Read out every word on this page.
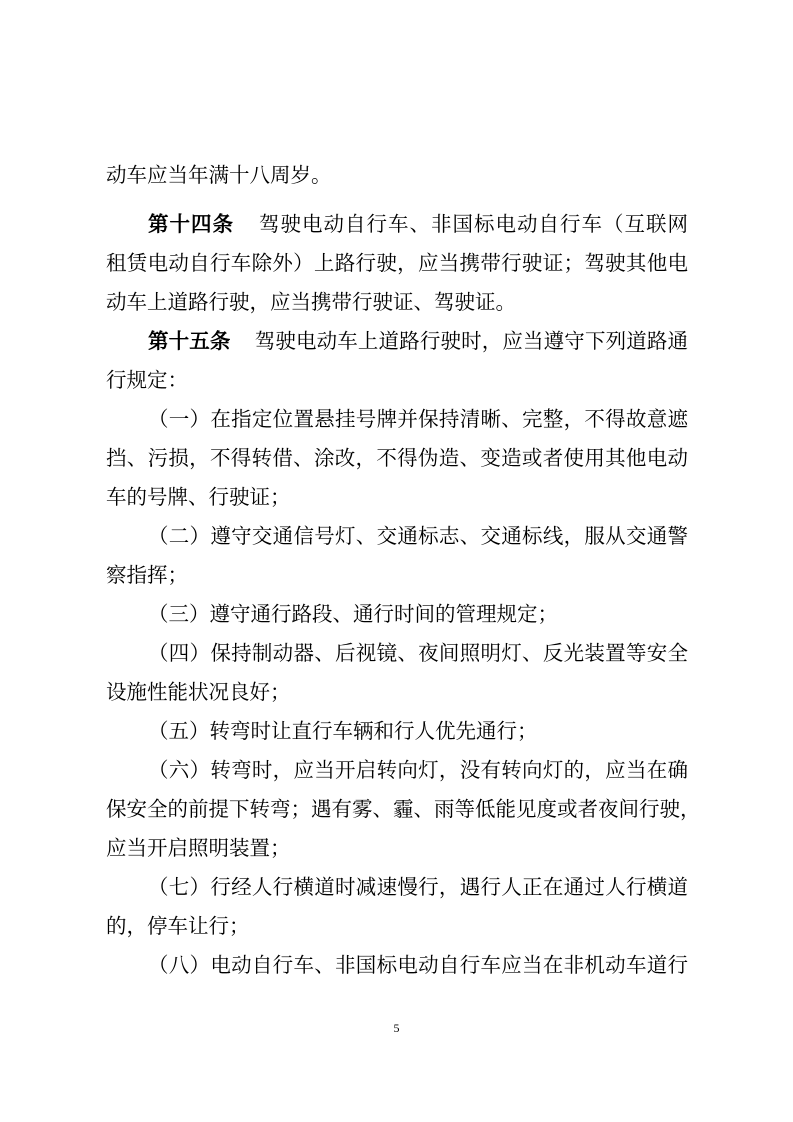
动车应当年满十八周岁。
第十四条 驾驶电动自行车、非国标电动自行车（互联网
租赁电动自行车除外）上路行驶，应当携带行驶证；驾驶其他电
动车上道路行驶，应当携带行驶证、驾驶证。
第十五条 驾驶电动车上道路行驶时，应当遵守下列道路通
行规定：
（一）在指定位置悬挂号牌并保持清晰、完整，不得故意遮
挡、污损，不得转借、涂改，不得伪造、变造或者使用其他电动
车的号牌、行驶证；
（二）遵守交通信号灯、交通标志、交通标线，服从交通警
察指挥；
（三）遵守通行路段、通行时间的管理规定；
（四）保持制动器、后视镜、夜间照明灯、反光装置等安全
设施性能状况良好；
（五）转弯时让直行车辆和行人优先通行；
（六）转弯时，应当开启转向灯，没有转向灯的，应当在确
保安全的前提下转弯；遇有雾、霾、雨等低能见度或者夜间行驶，
应当开启照明装置；
（七）行经人行横道时减速慢行，遇行人正在通过人行横道
的，停车让行；
（八）电动自行车、非国标电动自行车应当在非机动车道行
5
